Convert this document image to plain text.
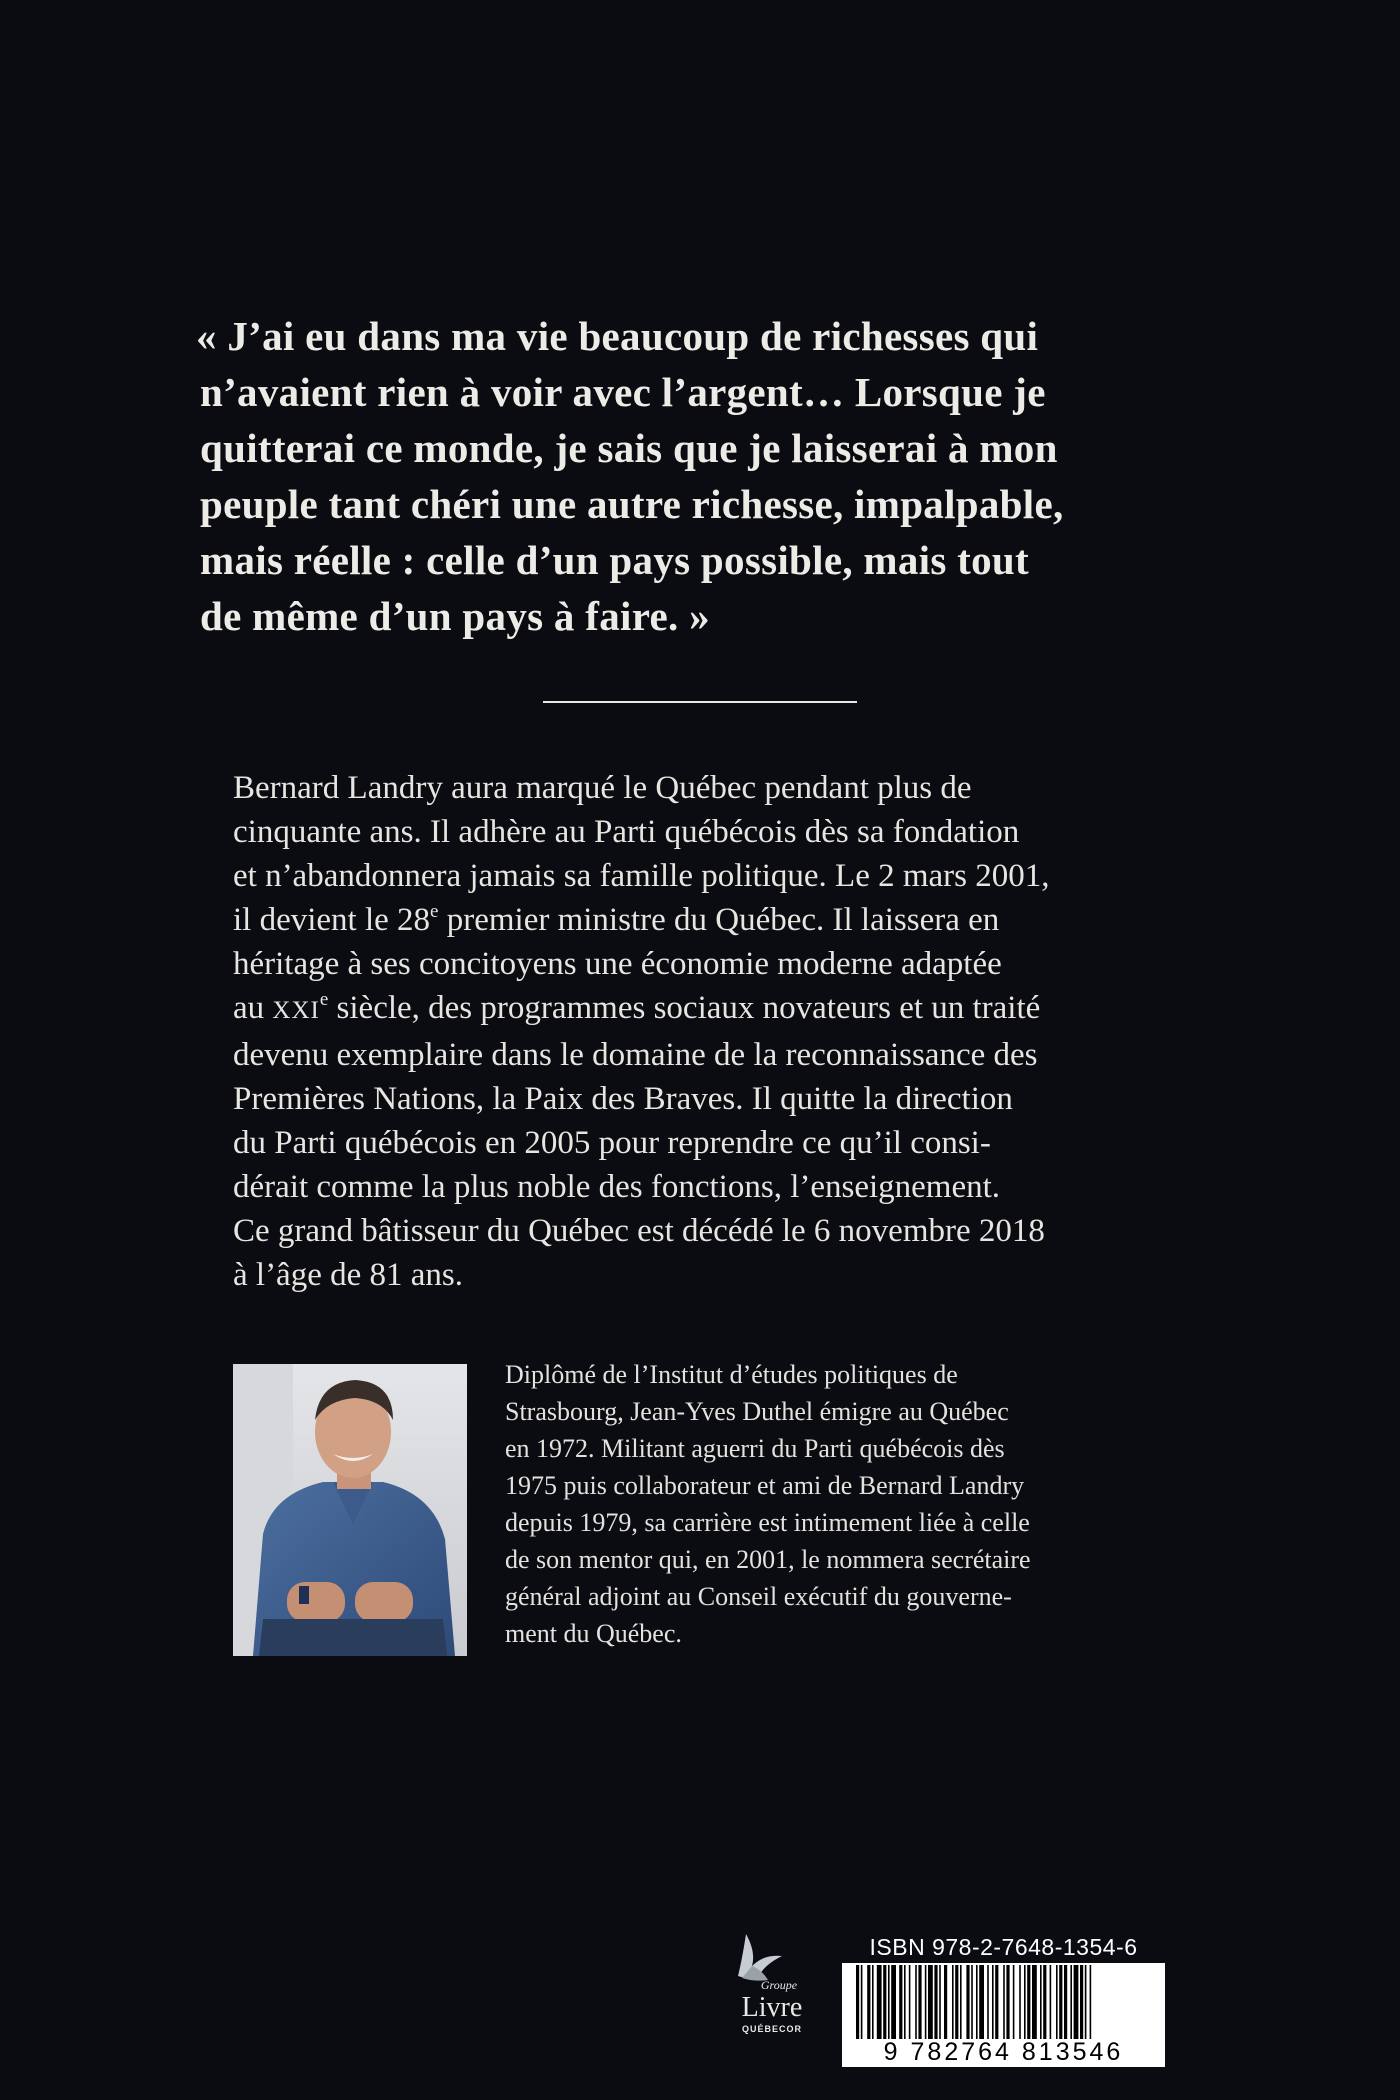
« J’ai eu dans ma vie beaucoup de richesses qui
n’avaient rien à voir avec l’argent… Lorsque je
quitterai ce monde, je sais que je laisserai à mon
peuple tant chéri une autre richesse, impalpable,
mais réelle : celle d’un pays possible, mais tout
de même d’un pays à faire. »
Bernard Landry aura marqué le Québec pendant plus de
cinquante ans. Il adhère au Parti québécois dès sa fondation
et n’abandonnera jamais sa famille politique. Le 2 mars 2001,
il devient le 28e premier ministre du Québec. Il laissera en
héritage à ses concitoyens une économie moderne adaptée
au XXIe siècle, des programmes sociaux novateurs et un traité
devenu exemplaire dans le domaine de la reconnaissance des
Premières Nations, la Paix des Braves. Il quitte la direction
du Parti québécois en 2005 pour reprendre ce qu’il consi-
dérait comme la plus noble des fonctions, l’enseignement.
Ce grand bâtisseur du Québec est décédé le 6 novembre 2018
à l’âge de 81 ans.
Diplômé de l’Institut d’études politiques de
Strasbourg, Jean-Yves Duthel émigre au Québec
en 1972. Militant aguerri du Parti québécois dès
1975 puis collaborateur et ami de Bernard Landry
depuis 1979, sa carrière est intimement liée à celle
de son mentor qui, en 2001, le nommera secrétaire
général adjoint au Conseil exécutif du gouverne-
ment du Québec.
Groupe
Livre
QUÉBECOR
ISBN 978-2-7648-1354-6
9 782764 813546
